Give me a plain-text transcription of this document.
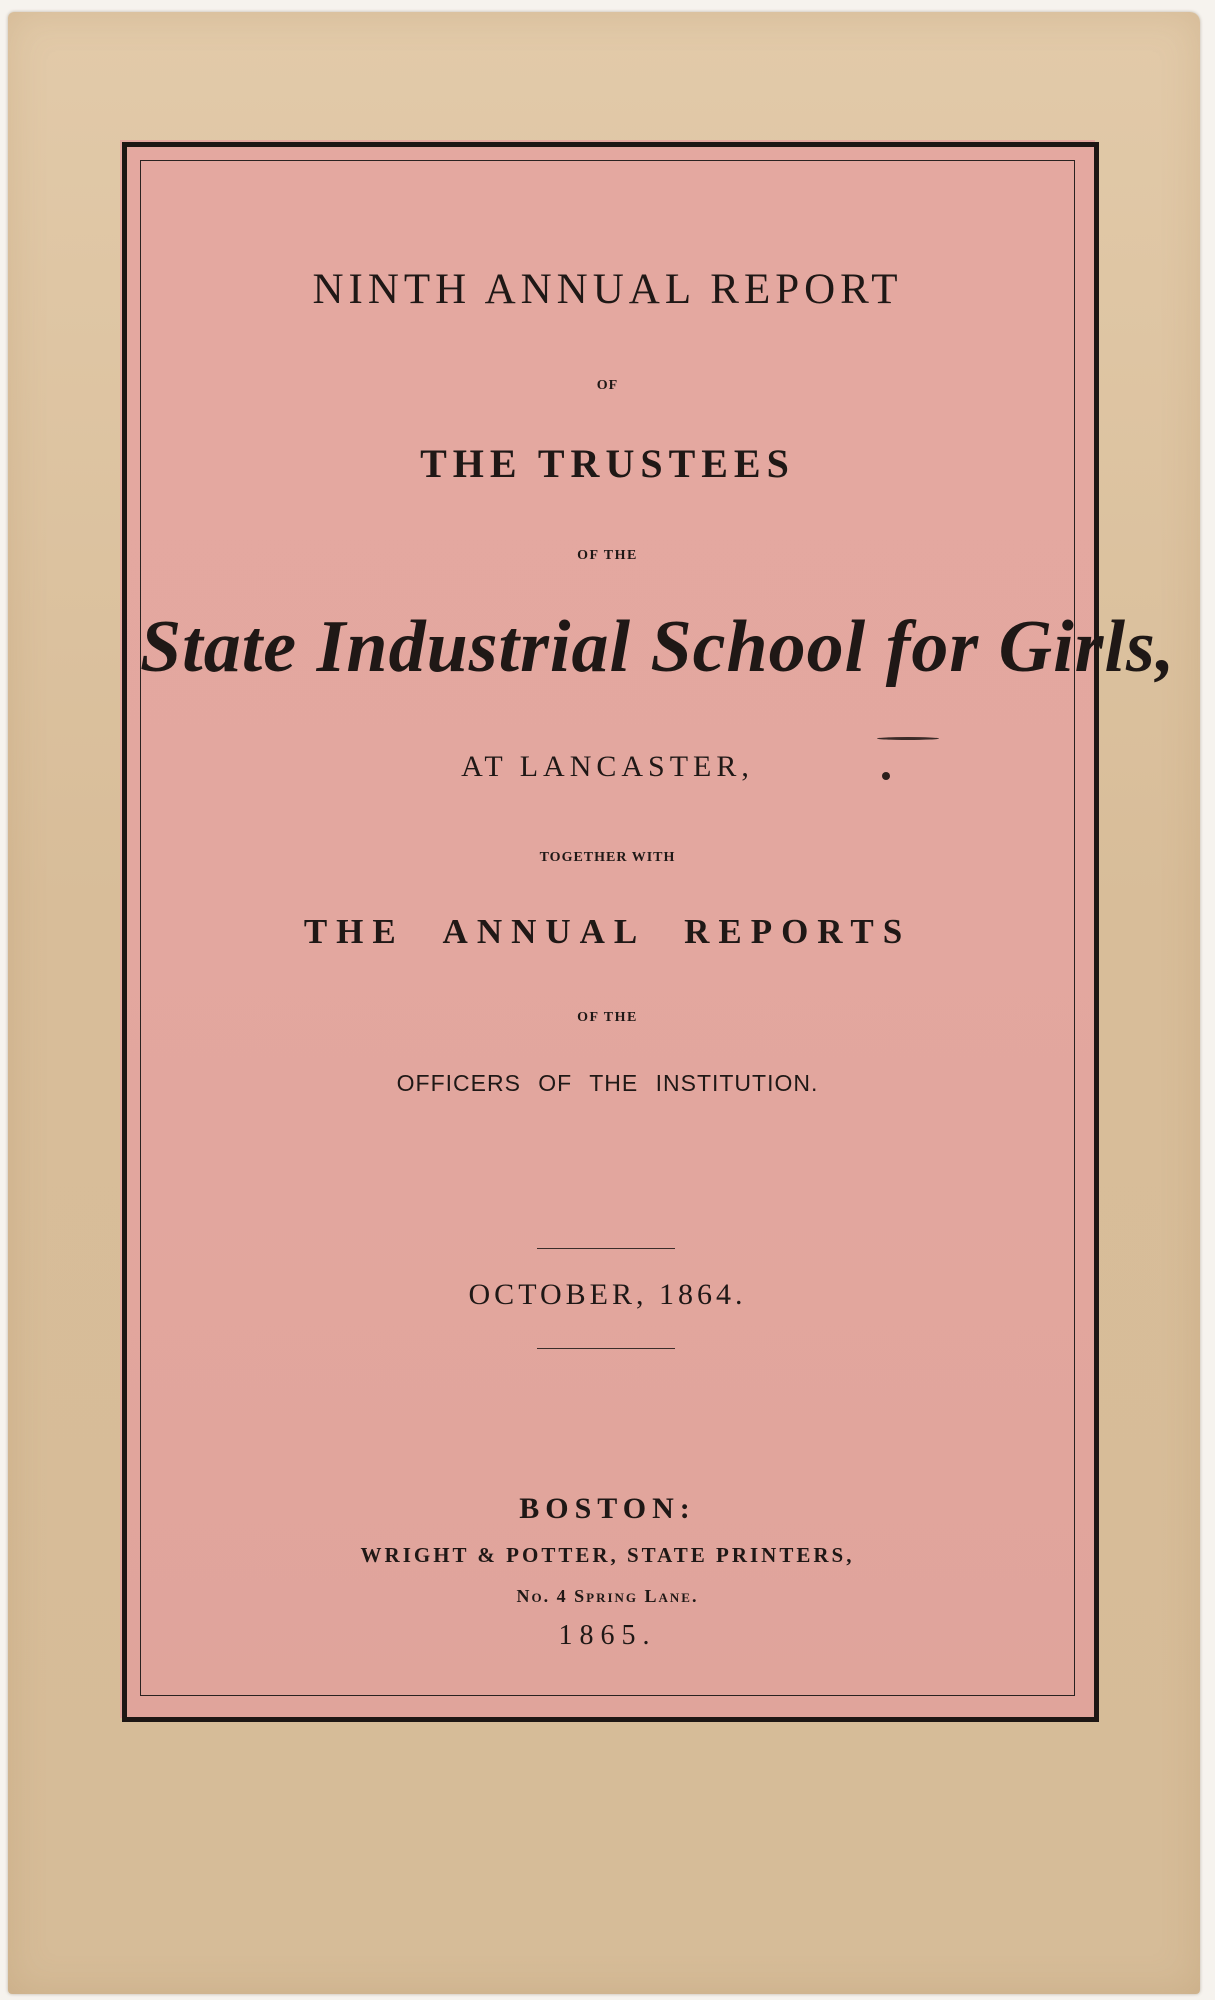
NINTH ANNUAL REPORT
OF
THE TRUSTEES
OF THE
State Industrial School for Girls,
AT LANCASTER,
TOGETHER WITH
THE ANNUAL REPORTS
OF THE
OFFICERS OF THE INSTITUTION.
OCTOBER, 1864.
BOSTON:
WRIGHT & POTTER, STATE PRINTERS,
No. 4 Spring Lane.
1865.
